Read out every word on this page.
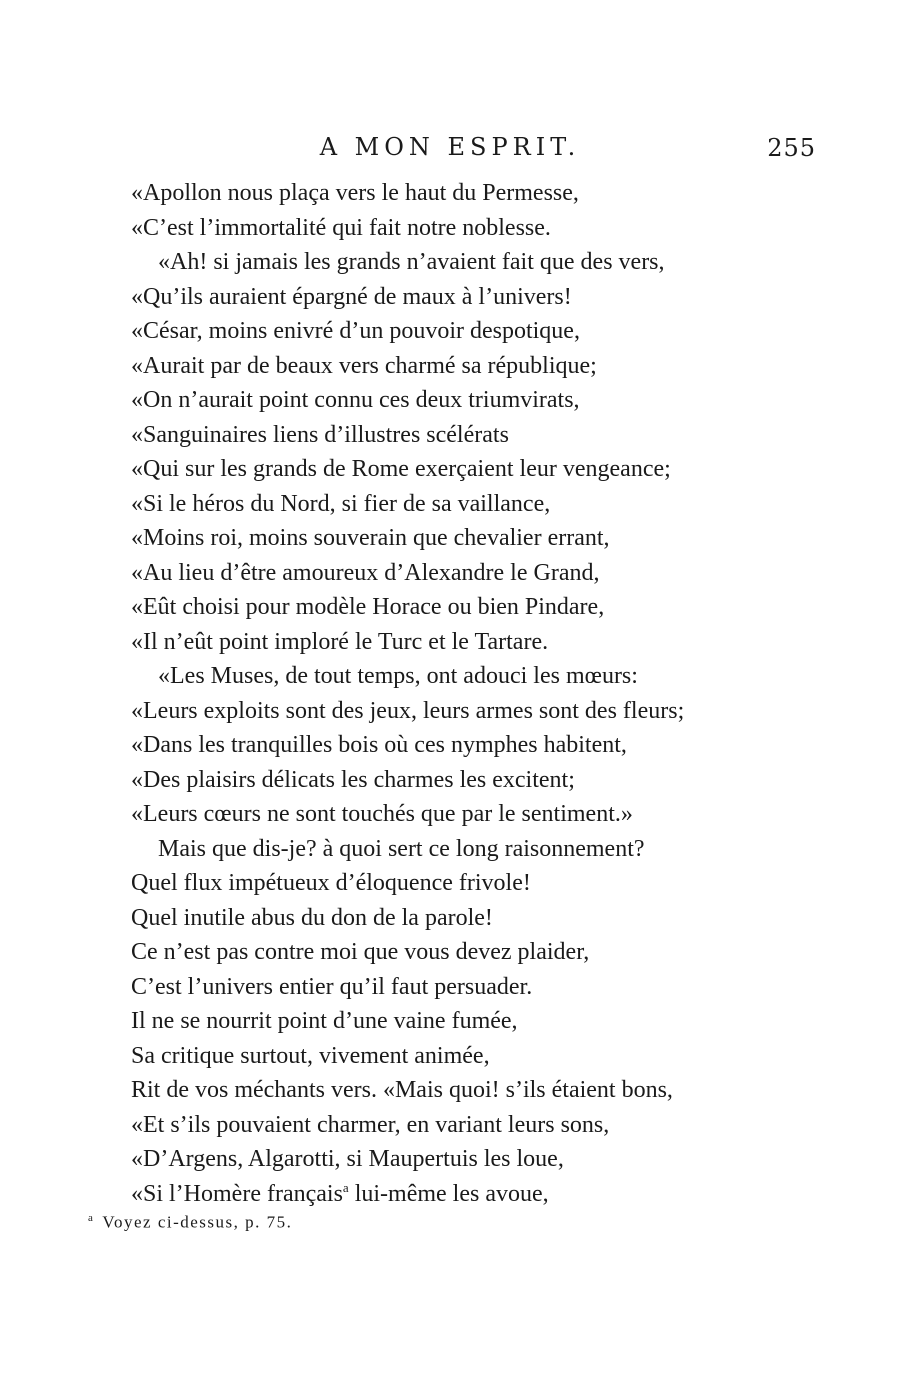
A MON ESPRIT.	255
«Apollon nous plaça vers le haut du Permesse,
«C’est l’immortalité qui fait notre noblesse.
«Ah! si jamais les grands n’avaient fait que des vers,
«Qu’ils auraient épargné de maux à l’univers!
«César, moins enivré d’un pouvoir despotique,
«Aurait par de beaux vers charmé sa république;
«On n’aurait point connu ces deux triumvirats,
«Sanguinaires liens d’illustres scélérats
«Qui sur les grands de Rome exerçaient leur vengeance;
«Si le héros du Nord, si fier de sa vaillance,
«Moins roi, moins souverain que chevalier errant,
«Au lieu d’être amoureux d’Alexandre le Grand,
«Eût choisi pour modèle Horace ou bien Pindare,
«Il n’eût point imploré le Turc et le Tartare.
«Les Muses, de tout temps, ont adouci les mœurs:
«Leurs exploits sont des jeux, leurs armes sont des fleurs;
«Dans les tranquilles bois où ces nymphes habitent,
«Des plaisirs délicats les charmes les excitent;
«Leurs cœurs ne sont touchés que par le sentiment.»
Mais que dis-je? à quoi sert ce long raisonnement?
Quel flux impétueux d’éloquence frivole!
Quel inutile abus du don de la parole!
Ce n’est pas contre moi que vous devez plaider,
C’est l’univers entier qu’il faut persuader.
Il ne se nourrit point d’une vaine fumée,
Sa critique surtout, vivement animée,
Rit de vos méchants vers. «Mais quoi! s’ils étaient bons,
«Et s’ils pouvaient charmer, en variant leurs sons,
«D’Argens, Algarotti, si Maupertuis les loue,
«Si l’Homère français$^a$ lui-même les avoue,
$^a$ Voyez ci-dessus, p. 75.
